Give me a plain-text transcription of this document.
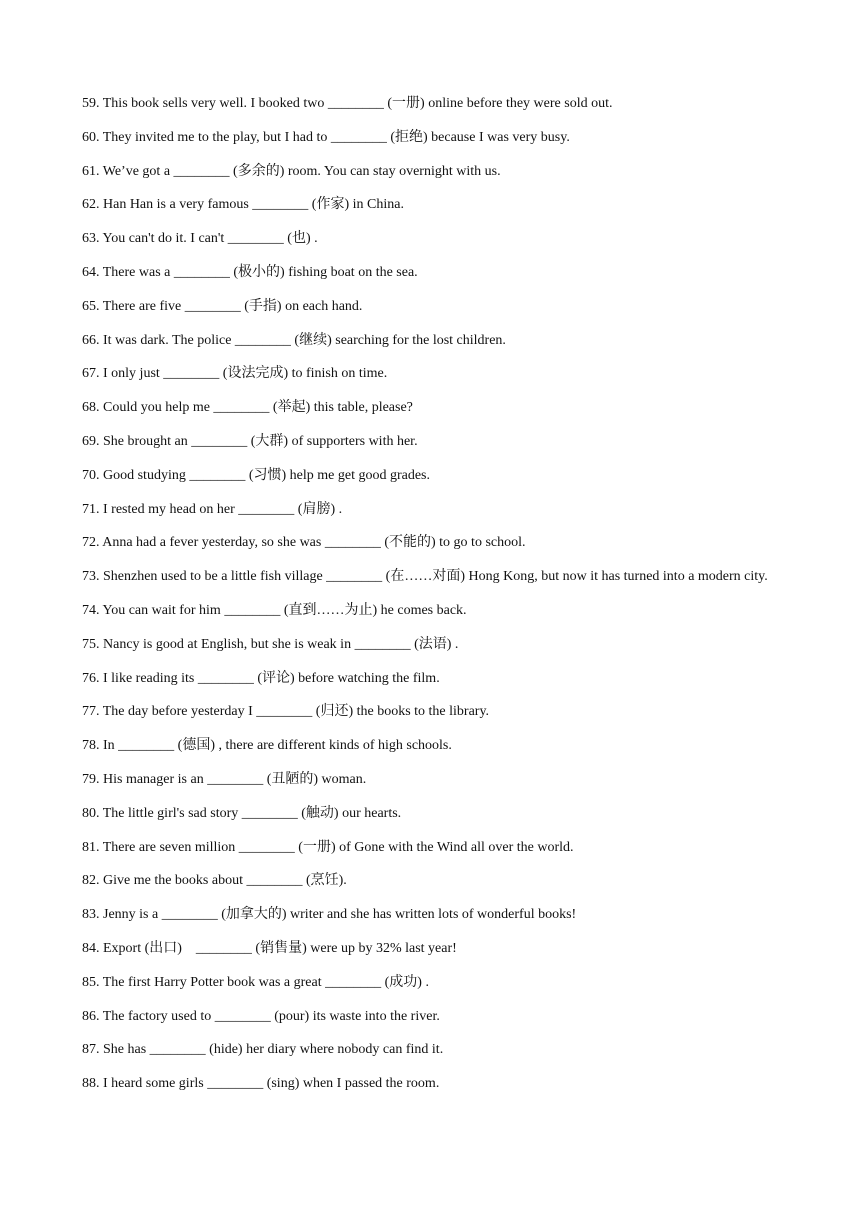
59. This book sells very well. I booked two ________ (一册) online before they were sold out.
60. They invited me to the play, but I had to ________ (拒绝) because I was very busy.
61. We’ve got a ________ (多余的) room. You can stay overnight with us.
62. Han Han is a very famous ________ (作家) in China.
63. You can't do it. I can't ________ (也) .
64. There was a ________ (极小的) fishing boat on the sea.
65. There are five ________ (手指) on each hand.
66. It was dark. The police ________ (继续) searching for the lost children.
67. I only just ________ (设法完成) to finish on time.
68. Could you help me ________ (举起) this table, please?
69. She brought an ________ (大群) of supporters with her.
70. Good studying ________ (习惯) help me get good grades.
71. I rested my head on her ________ (肩膀) .
72. Anna had a fever yesterday, so she was ________ (不能的) to go to school.
73. Shenzhen used to be a little fish village ________ (在……对面) Hong Kong, but now it has turned into a modern city.
74. You can wait for him ________ (直到……为止) he comes back.
75. Nancy is good at English, but she is weak in ________ (法语) .
76. I like reading its ________ (评论) before watching the film.
77. The day before yesterday I ________ (归还) the books to the library.
78. In ________ (德国) , there are different kinds of high schools.
79. His manager is an ________ (丑陋的) woman.
80. The little girl's sad story ________ (触动) our hearts.
81. There are seven million ________ (一册) of Gone with the Wind all over the world.
82. Give me the books about ________ (烹饪).
83. Jenny is a ________ (加拿大的) writer and she has written lots of wonderful books!
84. Export (出口)    ________ (销售量) were up by 32% last year!
85. The first Harry Potter book was a great ________ (成功) .
86. The factory used to ________ (pour) its waste into the river.
87. She has ________ (hide) her diary where nobody can find it.
88. I heard some girls ________ (sing) when I passed the room.
